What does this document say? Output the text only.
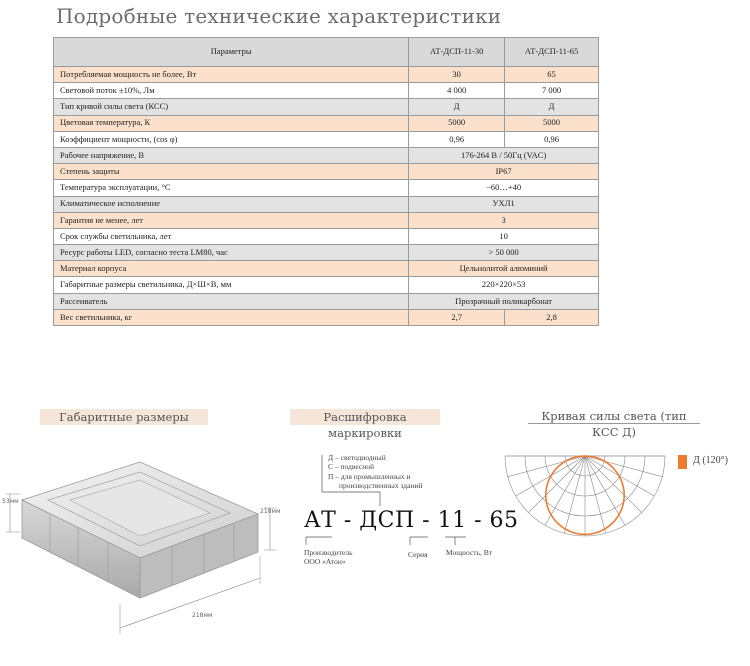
Подробные технические характеристики
Параметры	АТ-ДСП-11-30	АТ-ДСП-11-65
Потребляемая мощность не более, Вт	30	65
Световой поток ±10%, Лм	4 000	7 000
Тип кривой силы света (КСС)	Д	Д
Цветовая температура, К	5000	5000
Коэффициент мощности, (cos φ)	0,96	0,96
Рабочее напряжение, В	176-264 В / 50Гц (VAC)	
Степень защиты	IP67	
Температура эксплуатации, °С	−60…+40	
Климатическое исполнение	УХЛ1	
Гарантия не менее, лет	3	
Срок службы светильника, лет	10	
Ресурс работы LED, согласно теста LM80, час	> 50 000	
Материал корпуса	Цельнолитой алюминий	
Габаритные размеры светильника, Д×Ш×В, мм	220×220×53	
Рассеиватель	Прозрачный поликарбонат	
Вес светильника, кг	2,7	2,8
Габаритные размеры
53мм
218мм
218мм
Расшифровка маркировки
Д – светодиодный
С – подвесной
П – для промышленных и
производственных зданий
АТ - ДСП - 11 - 65
Производитель
ООО «Атон»
Серия Мощность, Вт
Кривая силы света (тип КСС Д)
Д (120°)
